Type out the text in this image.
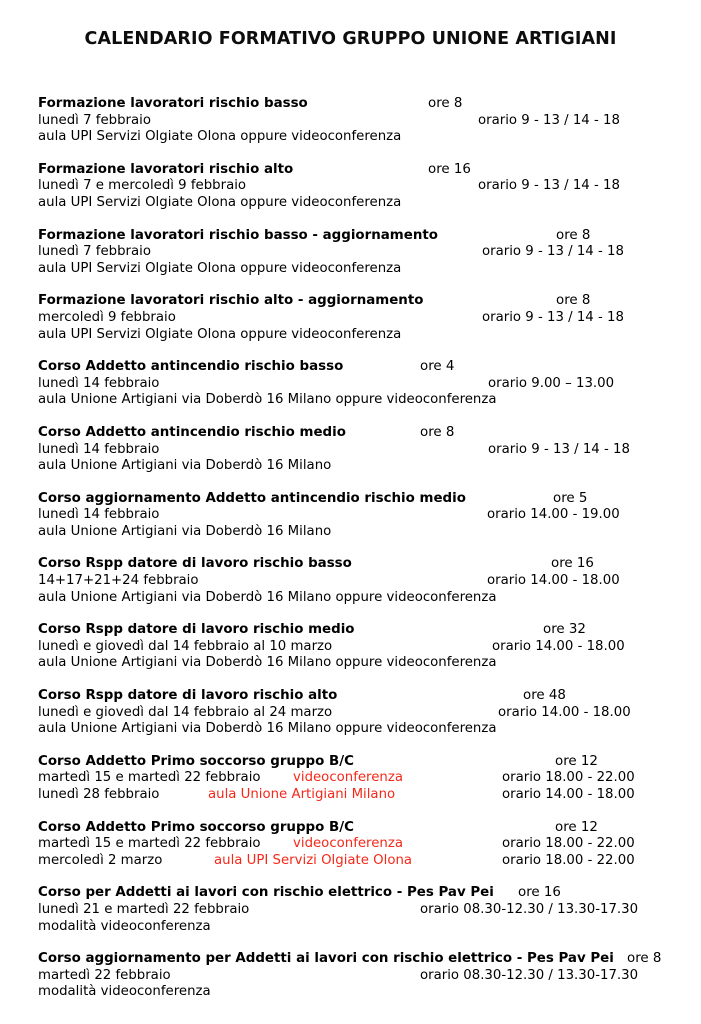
CALENDARIO FORMATIVO GRUPPO UNIONE ARTIGIANI
Formazione lavoratori rischio basso	ore 8
lunedì 7 febbraio	orario 9 - 13 / 14 - 18
aula UPI Servizi Olgiate Olona oppure videoconferenza
Formazione lavoratori rischio alto	ore 16
lunedì 7 e mercoledì 9 febbraio	orario 9 - 13 / 14 - 18
aula UPI Servizi Olgiate Olona oppure videoconferenza
Formazione lavoratori rischio basso - aggiornamento	ore 8
lunedì 7 febbraio	orario 9 - 13 / 14 - 18
aula UPI Servizi Olgiate Olona oppure videoconferenza
Formazione lavoratori rischio alto - aggiornamento	ore 8
mercoledì 9 febbraio	orario 9 - 13 / 14 - 18
aula UPI Servizi Olgiate Olona oppure videoconferenza
Corso Addetto antincendio rischio basso	ore 4
lunedì 14 febbraio	orario 9.00 – 13.00
aula Unione Artigiani via Doberdò 16 Milano oppure videoconferenza
Corso Addetto antincendio rischio medio	ore 8
lunedì 14 febbraio	orario 9 - 13 / 14 - 18
aula Unione Artigiani via Doberdò 16 Milano
Corso aggiornamento Addetto antincendio rischio medio	ore 5
lunedì 14 febbraio	orario 14.00 - 19.00
aula Unione Artigiani via Doberdò 16 Milano
Corso Rspp datore di lavoro rischio basso	ore 16
14+17+21+24 febbraio	orario 14.00 - 18.00
aula Unione Artigiani via Doberdò 16 Milano oppure videoconferenza
Corso Rspp datore di lavoro rischio medio	ore 32
lunedì e giovedì dal 14 febbraio al 10 marzo	orario 14.00 - 18.00
aula Unione Artigiani via Doberdò 16 Milano oppure videoconferenza
Corso Rspp datore di lavoro rischio alto	ore 48
lunedì e giovedì dal 14 febbraio al 24 marzo	orario 14.00 - 18.00
aula Unione Artigiani via Doberdò 16 Milano oppure videoconferenza
Corso Addetto Primo soccorso gruppo B/C	ore 12
martedì 15 e martedì 22 febbraio videoconferenza	orario 18.00 - 22.00
lunedì 28 febbraio	aula Unione Artigiani Milano	orario 14.00 - 18.00
Corso Addetto Primo soccorso gruppo B/C	ore 12
martedì 15 e martedì 22 febbraio videoconferenza	orario 18.00 - 22.00
mercoledì 2 marzo	aula UPI Servizi Olgiate Olona	orario 18.00 - 22.00
Corso per Addetti ai lavori con rischio elettrico - Pes Pav Pei ore 16
lunedì 21 e martedì 22 febbraio	orario 08.30-12.30 / 13.30-17.30
modalità videoconferenza
Corso aggiornamento per Addetti ai lavori con rischio elettrico - Pes Pav Pei ore 8
martedì 22 febbraio	orario 08.30-12.30 / 13.30-17.30
modalità videoconferenza
